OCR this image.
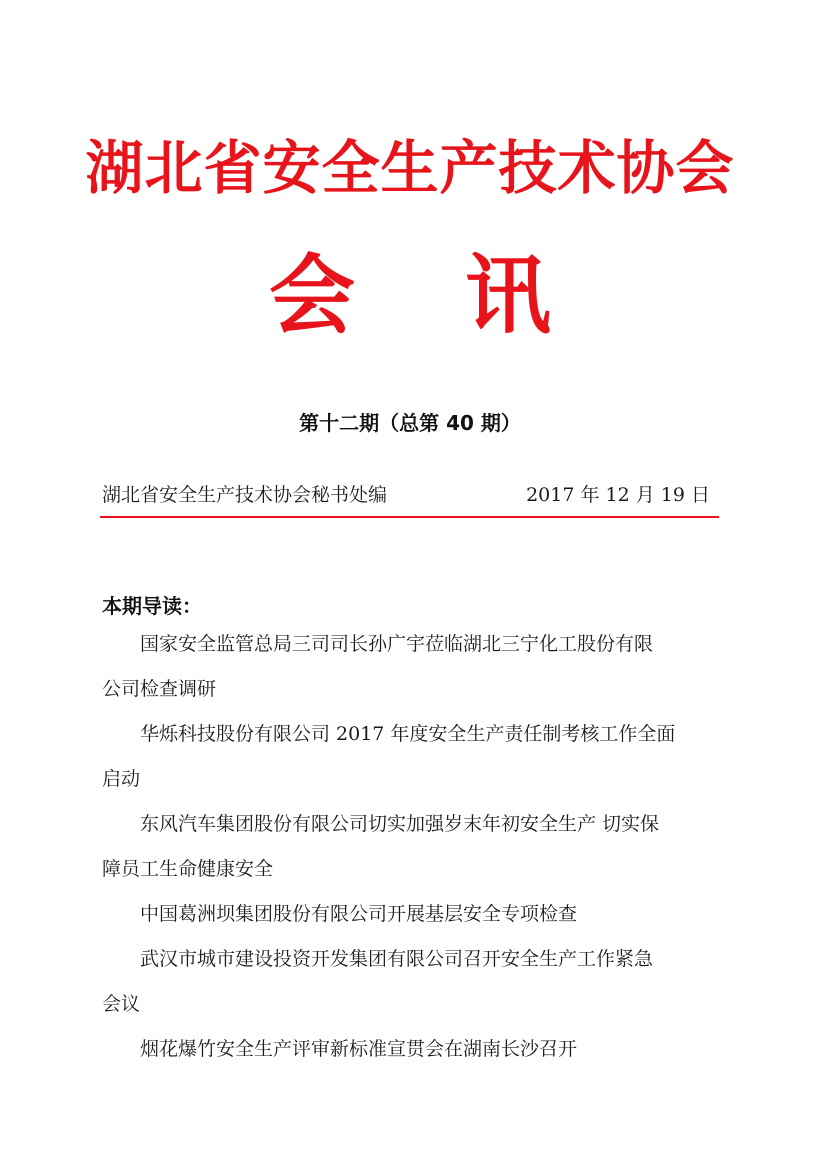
湖北省安全生产技术协会
会 讯
第十二期（总第 40 期）
湖北省安全生产技术协会秘书处编	2017 年 12 月 19 日
本期导读：
国家安全监管总局三司司长孙广宇莅临湖北三宁化工股份有限
公司检查调研
华烁科技股份有限公司 2017 年度安全生产责任制考核工作全面
启动
东风汽车集团股份有限公司切实加强岁末年初安全生产 切实保
障员工生命健康安全
中国葛洲坝集团股份有限公司开展基层安全专项检查
武汉市城市建设投资开发集团有限公司召开安全生产工作紧急
会议
烟花爆竹安全生产评审新标准宣贯会在湖南长沙召开
